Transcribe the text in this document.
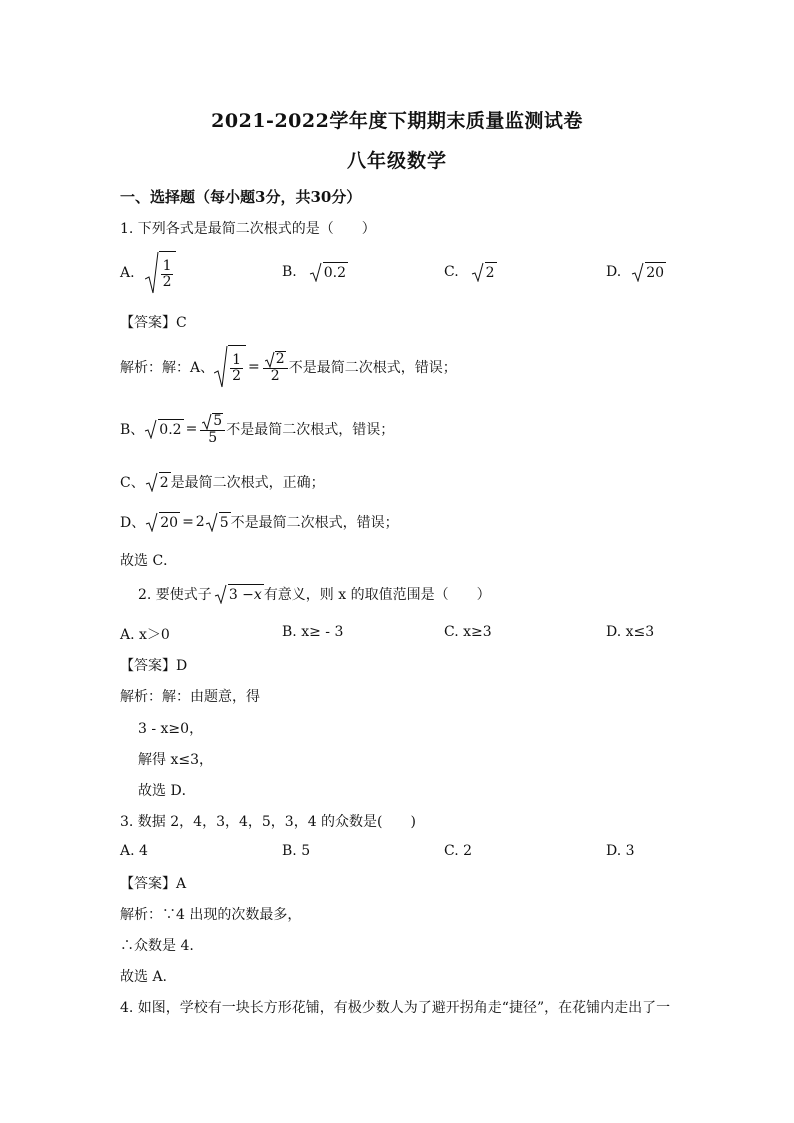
2021-2022学年度下期期末质量监测试卷
八年级数学
一、选择题（每小题3分，共30分）
1. 下列各式是最简二次根式的是（　　）
A. $\frac{1}{2}$	B. 0.2	C. 2	D. 20
【答案】C
解析：解：A、 $\frac{1}{2} = \frac{2}{2}$ 不是最简二次根式，错误；
B、 $0.2 = \frac{5}{5}$ 不是最简二次根式，错误；
C、 2 是最简二次根式，正确；
D、 20 = 2 5 不是最简二次根式，错误；
故选 C．
2. 要使式子 3 − x 有意义，则 x 的取值范围是（　　）
A. x＞0	B. x≥ - 3	C. x≥3	D. x≤3
【答案】D
解析：解：由题意，得
3 - x≥0，
解得 x≤3，
故选 D．
3. 数据 2，4，3，4，5，3，4 的众数是(　　)
A. 4	B. 5	C. 2	D. 3
【答案】A
解析：∵4 出现的次数最多，
∴众数是 4.
故选 A.
4. 如图，学校有一块长方形花铺，有极少数人为了避开拐角走“捷径”，在花铺内走出了一
